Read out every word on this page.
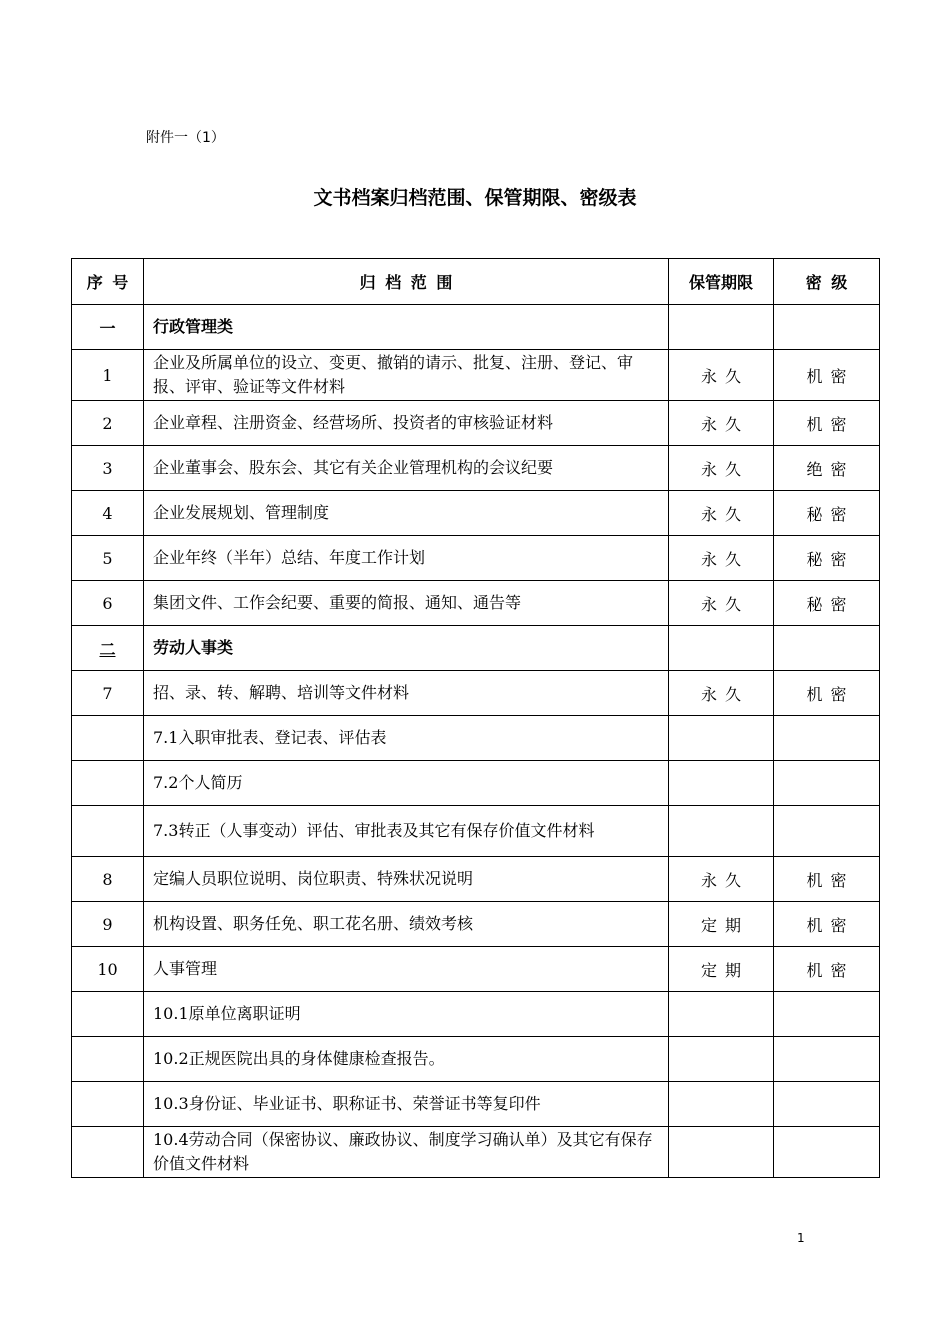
附件一（1）
文书档案归档范围、保管期限、密级表
序号	归档范围	保管期限	密级
一	行政管理类		
1	企业及所属单位的设立、变更、撤销的请示、批复、注册、登记、审报、评审、验证等文件材料	永久	机密
2	企业章程、注册资金、经营场所、投资者的审核验证材料	永久	机密
3	企业董事会、股东会、其它有关企业管理机构的会议纪要	永久	绝密
4	企业发展规划、管理制度	永久	秘密
5	企业年终（半年）总结、年度工作计划	永久	秘密
6	集团文件、工作会纪要、重要的简报、通知、通告等	永久	秘密
二	劳动人事类		
7	招、录、转、解聘、培训等文件材料	永久	机密
	7.1入职审批表、登记表、评估表		
	7.2个人简历		
	7.3转正（人事变动）评估、审批表及其它有保存价值文件材料		
8	定编人员职位说明、岗位职责、特殊状况说明	永久	机密
9	机构设置、职务任免、职工花名册、绩效考核	定期	机密
10	人事管理	定期	机密
	10.1原单位离职证明		
	10.2正规医院出具的身体健康检查报告。		
	10.3身份证、毕业证书、职称证书、荣誉证书等复印件		
	10.4劳动合同（保密协议、廉政协议、制度学习确认单）及其它有保存价值文件材料		
1
